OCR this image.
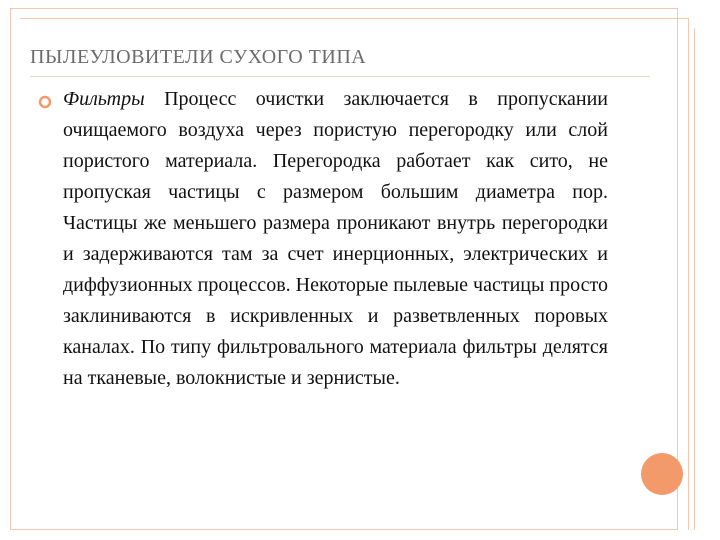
ПЫЛЕУЛОВИТЕЛИ СУХОГО ТИПА
Фильтры Процесс очистки заключается в пропускании очищаемого воздуха через пористую перегородку или слой пористого материала. Перегородка работает как сито, не пропуская частицы с размером большим диаметра пор. Частицы же меньшего размера проникают внутрь перегородки и задерживаются там за счет инерционных, электрических и диффузионных процессов. Некоторые пылевые частицы просто заклиниваются в искривленных и разветвленных поровых каналах. По типу фильтровального материала фильтры делятся на тканевые, волокнистые и зернистые.
